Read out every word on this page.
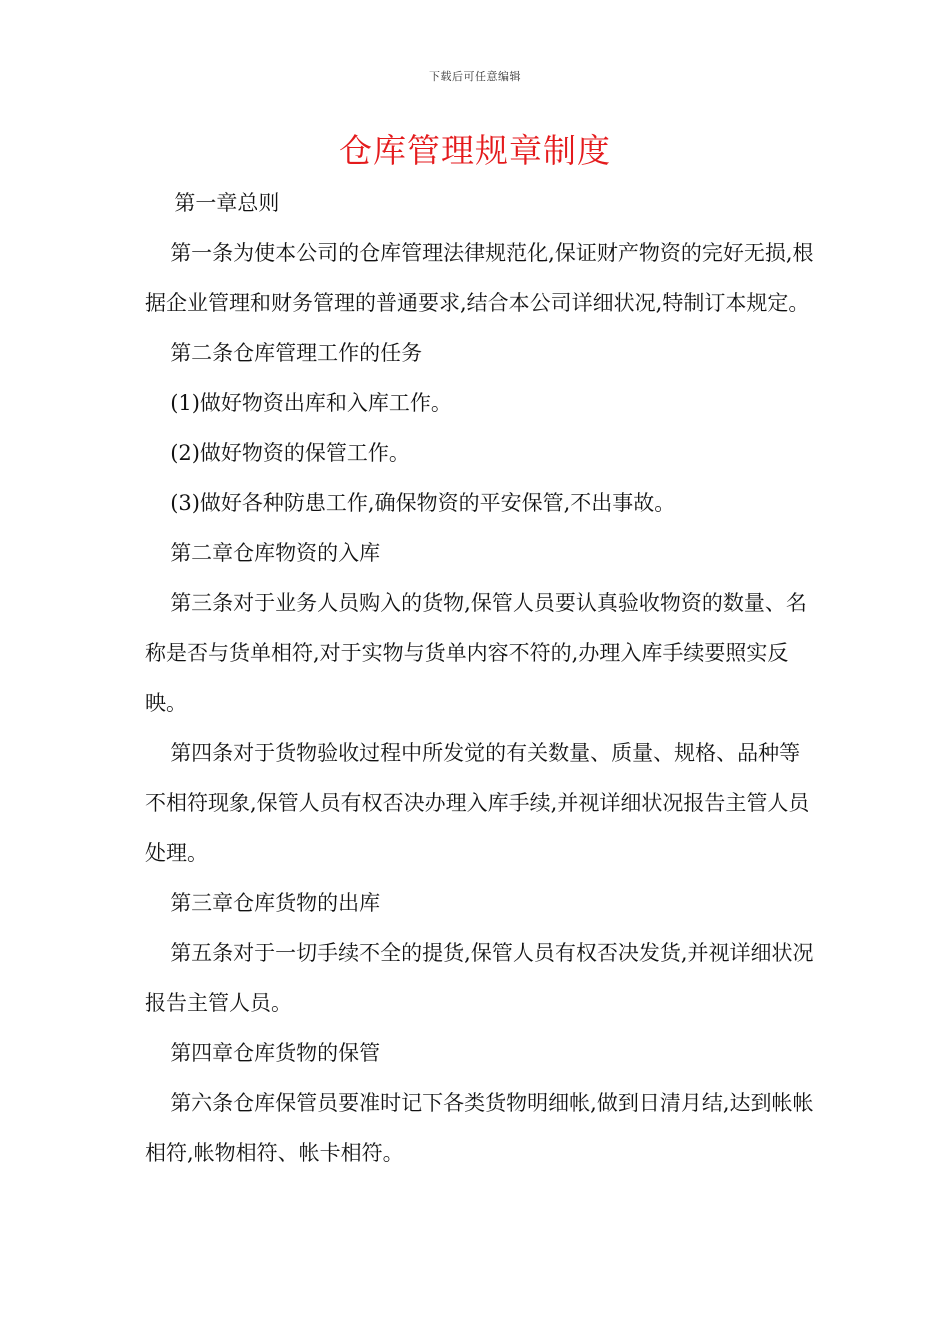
下载后可任意编辑
仓库管理规章制度

第一章总则

第一条为使本公司的仓库管理法律规范化,保证财产物资的完好无损,根据企业管理和财务管理的普通要求,结合本公司详细状况,特制订本规定。

第二条仓库管理工作的任务

(1)做好物资出库和入库工作。

(2)做好物资的保管工作。

(3)做好各种防患工作,确保物资的平安保管,不出事故。

第二章仓库物资的入库

第三条对于业务人员购入的货物,保管人员要认真验收物资的数量、名称是否与货单相符,对于实物与货单内容不符的,办理入库手续要照实反映。

第四条对于货物验收过程中所发觉的有关数量、质量、规格、品种等不相符现象,保管人员有权否决办理入库手续,并视详细状况报告主管人员处理。

第三章仓库货物的出库

第五条对于一切手续不全的提货,保管人员有权否决发货,并视详细状况报告主管人员。

第四章仓库货物的保管

第六条仓库保管员要准时记下各类货物明细帐,做到日清月结,达到帐帐相符,帐物相符、帐卡相符。
